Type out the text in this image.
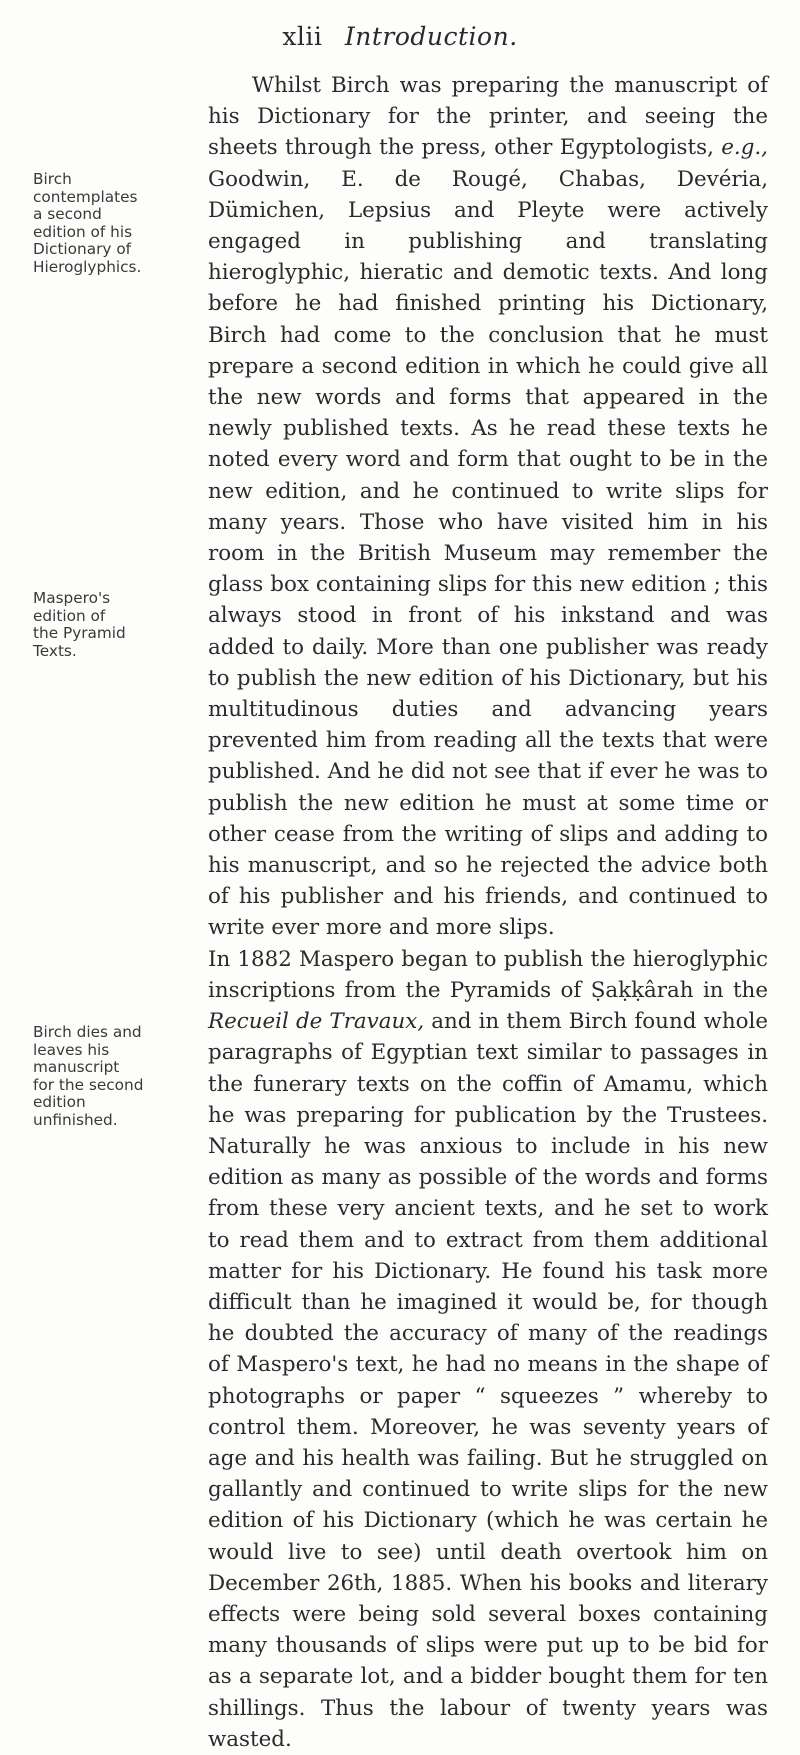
xlii Introduction.
Birch
contemplates
a second
edition of his
Dictionary of
Hieroglyphics.
Maspero's
edition of
the Pyramid
Texts.
Birch dies and
leaves his
manuscript
for the second
edition
unfinished.

Whilst Birch was preparing the manuscript of his Dictionary for the printer, and seeing the sheets through the press, other Egyptologists, e.g., Goodwin, E. de Rougé, Chabas, Devéria, Dümichen, Lepsius and Pleyte were actively engaged in publishing and translating hieroglyphic, hieratic and demotic texts. And long before he had finished printing his Dictionary, Birch had come to the conclusion that he must prepare a second edition in which he could give all the new words and forms that appeared in the newly published texts. As he read these texts he noted every word and form that ought to be in the new edition, and he continued to write slips for many years. Those who have visited him in his room in the British Museum may remember the glass box containing slips for this new edition ; this always stood in front of his inkstand and was added to daily. More than one publisher was ready to publish the new edition of his Dictionary, but his multitudinous duties and advancing years prevented him from reading all the texts that were published. And he did not see that if ever he was to publish the new edition he must at some time or other cease from the writing of slips and adding to his manuscript, and so he rejected the advice both of his publisher and his friends, and continued to write ever more and more slips.

In 1882 Maspero began to publish the hieroglyphic inscriptions from the Pyramids of Ṣaḳḳârah in the Recueil de Travaux, and in them Birch found whole paragraphs of Egyptian text similar to passages in the funerary texts on the coffin of Amamu, which he was preparing for publication by the Trustees. Naturally he was anxious to include in his new edition as many as possible of the words and forms from these very ancient texts, and he set to work to read them and to extract from them additional matter for his Dictionary. He found his task more difficult than he imagined it would be, for though he doubted the accuracy of many of the readings of Maspero's text, he had no means in the shape of photographs or paper “ squeezes ” whereby to control them. Moreover, he was seventy years of age and his health was failing. But he struggled on gallantly and continued to write slips for the new edition of his Dictionary (which he was certain he would live to see) until death overtook him on December 26th, 1885. When his books and literary effects were being sold several boxes containing many thousands of slips were put up to be bid for as a separate lot, and a bidder bought them for ten shillings. Thus the labour of twenty years was wasted.
